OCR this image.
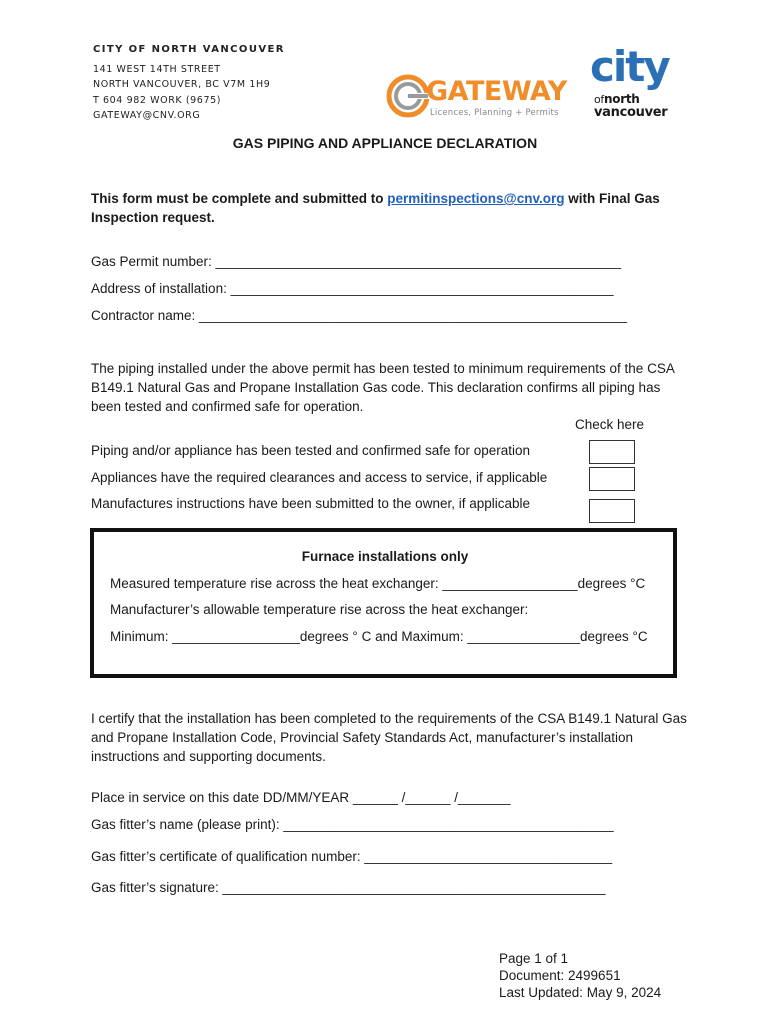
CITY OF NORTH VANCOUVER
141 WEST 14TH STREET
NORTH VANCOUVER, BC V7M 1H9
T 604 982 WORK (9675)
GATEWAY@CNV.ORG
GATEWAY
Licences, Planning + Permits
city
ofnorth
vancouver
GAS PIPING AND APPLIANCE DECLARATION
This form must be complete and submitted to permitinspections@cnv.org with Final Gas Inspection request.
Gas Permit number: ______________________________________________________
Address of installation: ___________________________________________________
Contractor name: _________________________________________________________
The piping installed under the above permit has been tested to minimum requirements of the CSA B149.1 Natural Gas and Propane Installation Gas code. This declaration confirms all piping has been tested and confirmed safe for operation.
Check here
Piping and/or appliance has been tested and confirmed safe for operation
Appliances have the required clearances and access to service, if applicable
Manufactures instructions have been submitted to the owner, if applicable
Furnace installations only
Measured temperature rise across the heat exchanger: __________________degrees °C
Manufacturer’s allowable temperature rise across the heat exchanger:
Minimum: _________________degrees ° C and Maximum: _______________degrees °C
I certify that the installation has been completed to the requirements of the CSA B149.1 Natural Gas and Propane Installation Code, Provincial Safety Standards Act, manufacturer’s installation instructions and supporting documents.
Place in service on this date DD/MM/YEAR ______ /______ /_______
Gas fitter’s name (please print): ____________________________________________
Gas fitter’s certificate of qualification number: _________________________________
Gas fitter’s signature: ___________________________________________________
Page 1 of 1
Document: 2499651
Last Updated: May 9, 2024
